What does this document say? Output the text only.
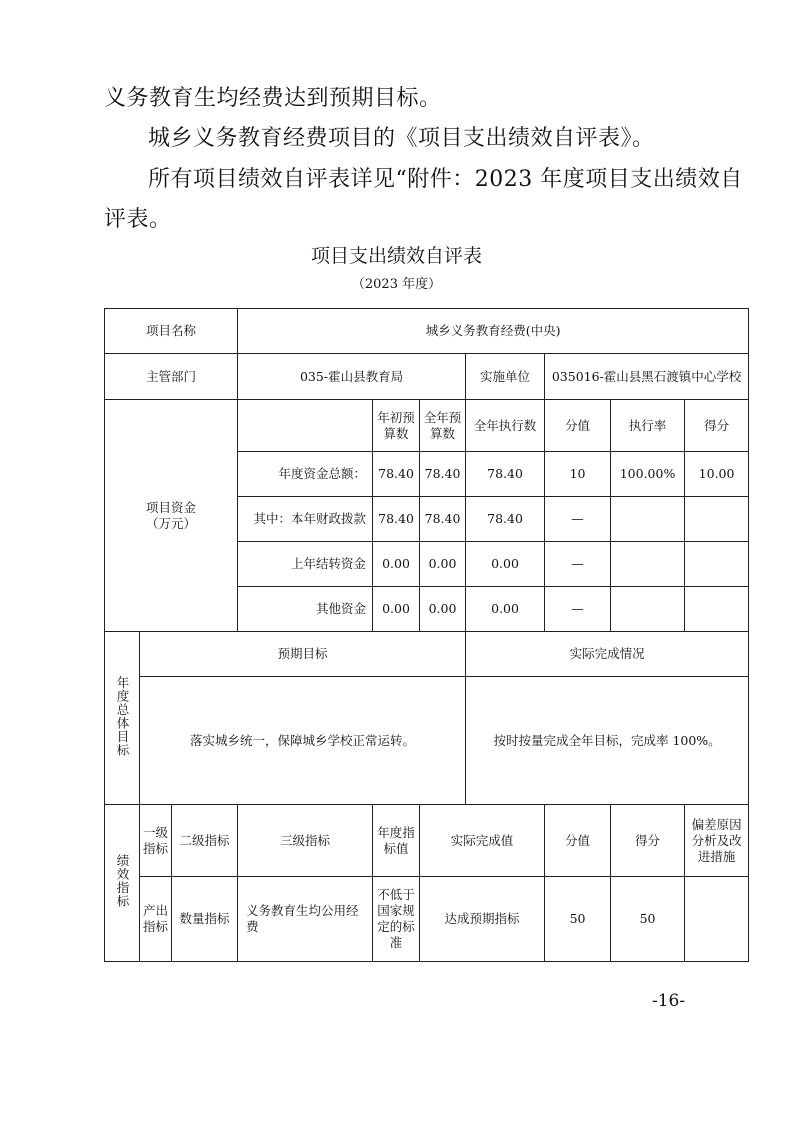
义务教育生均经费达到预期目标。
城乡义务教育经费项目的《项目支出绩效自评表》。
所有项目绩效自评表详见“附件：2023 年度项目支出绩效自
评表。
项目支出绩效自评表
（2023 年度）
项目名称			城乡义务教育经费(中央)						
主管部门			035-霍山县教育局			实施单位	035016-霍山县黑石渡镇中心学校		
项目资金
（万元）				年初预算数	全年预算数	全年执行数	分值	执行率	得分
			年度资金总额：	78.40	78.40	78.40	10	100.00%	10.00
			其中：本年财政拨款	78.40	78.40	78.40	—		
			上年结转资金	0.00	0.00	0.00	—		
			其他资金	0.00	0.00	0.00	—		
年度总体目标	预期目标					实际完成情况			
	落实城乡统一，保障城乡学校正常运转。					按时按量完成全年目标，完成率 100%。			
绩效指标	一级指标	二级指标	三级指标	年度指标值	实际完成值		分值	得分	偏差原因分析及改进措施
	产出指标	数量指标	义务教育生均公用经费	不低于国家规定的标准	达成预期指标		50	50	
-16-
